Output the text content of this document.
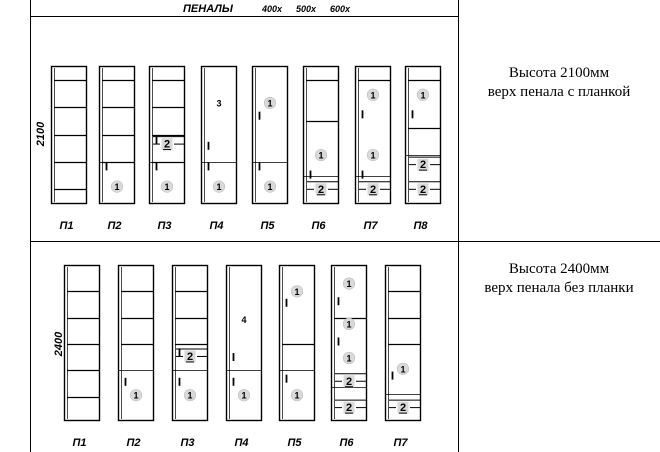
ПЕНАЛЫ	400x 500x 600x
2100
2400
П1
1
П2
2
1
П3
3
1
П4
1
1
П5
1
2
П6
1
1
2
П7
1
2
2
П8
П1
1
П2
2
1
П3
4
1
П4
1
1
П5
1
1
1
2
2
П6
1
2
П7
Высота 2100мм
верх пенала с планкой
Высота 2400мм
верх пенала без планки
